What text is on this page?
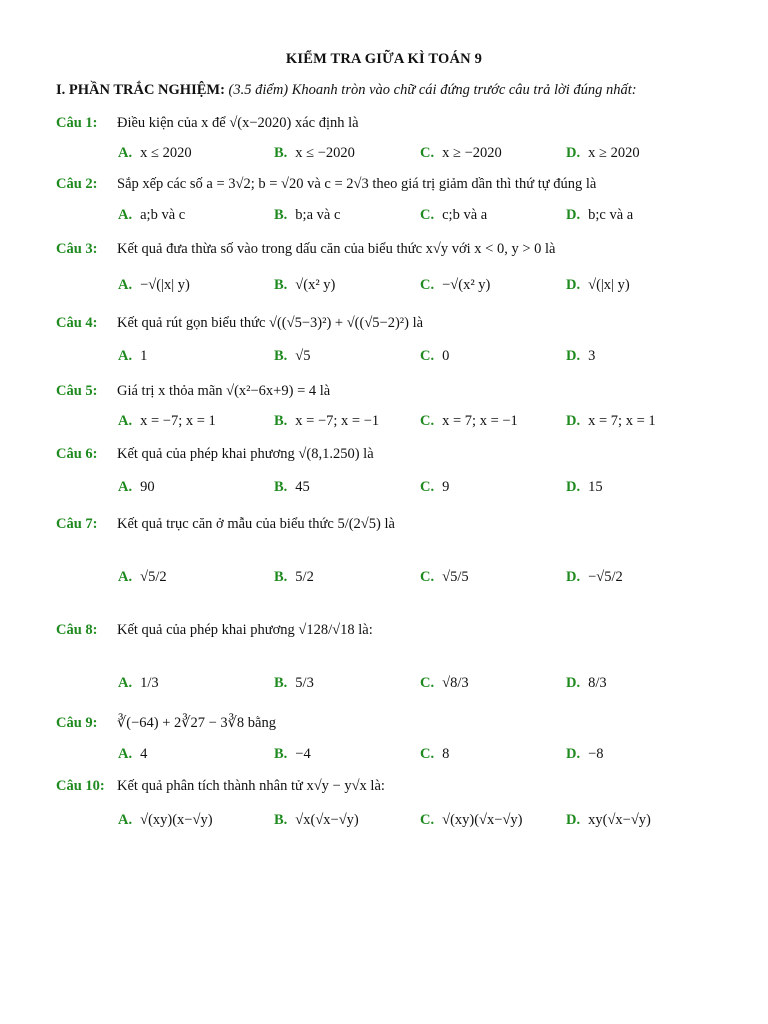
KIỂM TRA GIỮA KÌ TOÁN 9
I. PHẦN TRẮC NGHIỆM: (3.5 điểm) Khoanh tròn vào chữ cái đứng trước câu trả lời đúng nhất:
Câu 1: Điều kiện của x để √(x−2020) xác định là
A. x ≤ 2020	B. x ≤ −2020	C. x ≥ −2020	D. x ≥ 2020
Câu 2: Sắp xếp các số a = 3√2; b = √20 và c = 2√3 theo giá trị giảm dần thì thứ tự đúng là
A. a;b và c	B. b;a và c	C. c;b và a	D. b;c và a
Câu 3: Kết quả đưa thừa số vào trong dấu căn của biểu thức x√y với x < 0, y > 0 là
A. −√(|x| y)	B. √(x² y)	C. −√(x² y)	D. √(|x| y)
Câu 4: Kết quả rút gọn biểu thức √((√5−3)²) + √((√5−2)²) là
A. 1	B. √5	C. 0	D. 3
Câu 5: Giá trị x thỏa mãn √(x²−6x+9) = 4 là
A. x = −7; x = 1	B. x = −7; x = −1	C. x = 7; x = −1	D. x = 7; x = 1
Câu 6: Kết quả của phép khai phương √(8,1.250) là
A. 90	B. 45	C. 9	D. 15
Câu 7: Kết quả trục căn ở mẫu của biểu thức 5/(2√5) là
A. √5/2	B. 5/2	C. √5/5	D. −√5/2
Câu 8: Kết quả của phép khai phương √128/√18 là:
A. 1/3	B. 5/3	C. √8/3	D. 8/3
Câu 9: ∛(−64) + 2∛27 − 3∛8 bằng
A. 4	B. −4	C. 8	D. −8
Câu 10: Kết quả phân tích thành nhân tử x√y − y√x là:
A. √(xy)(x−√y)	B. √x(√x−√y)	C. √(xy)(√x−√y)	D. xy(√x−√y)
